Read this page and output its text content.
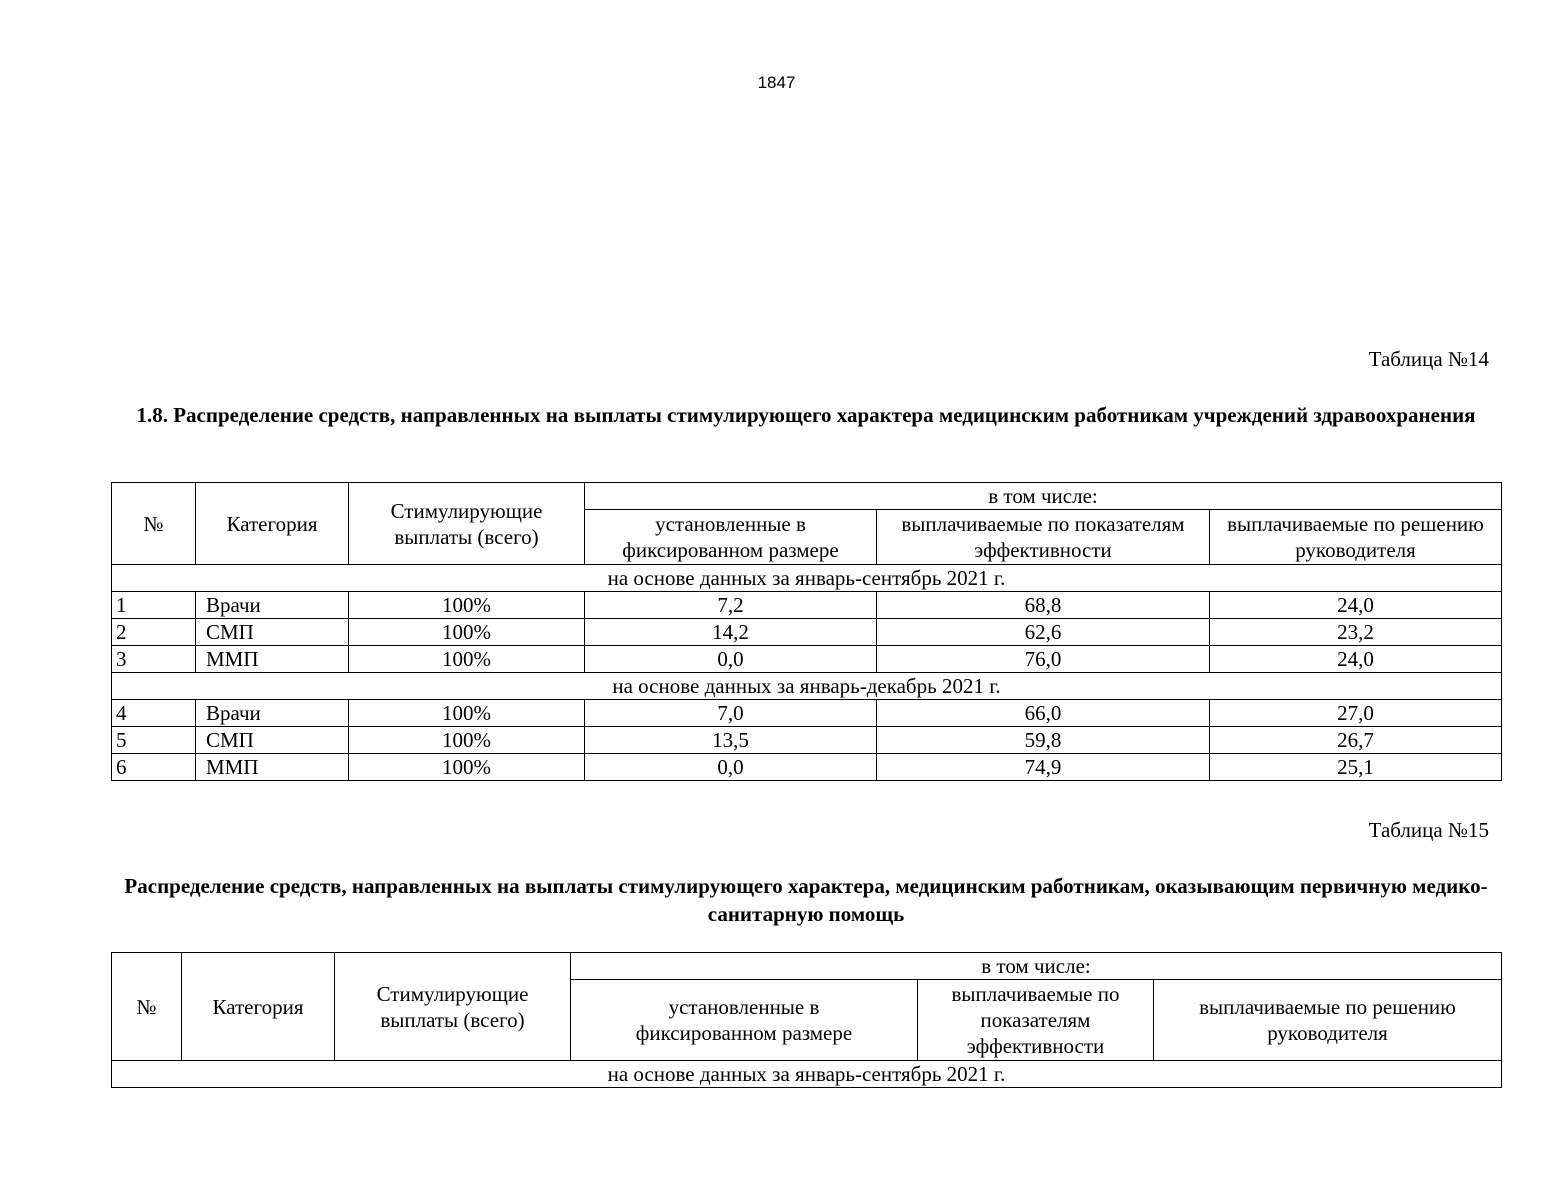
1847
Таблица №14
1.8. Распределение средств, направленных на выплаты стимулирующего характера медицинским работникам учреждений здравоохранения
№	Категория	Стимулирующие выплаты (всего)	в том числе:		
			установленные в фиксированном размере	выплачиваемые по показателям эффективности	выплачиваемые по решению руководителя
на основе данных за январь-сентябрь 2021 г.					
1	Врачи	100%	7,2	68,8	24,0
2	СМП	100%	14,2	62,6	23,2
3	ММП	100%	0,0	76,0	24,0
на основе данных за январь-декабрь 2021 г.					
4	Врачи	100%	7,0	66,0	27,0
5	СМП	100%	13,5	59,8	26,7
6	ММП	100%	0,0	74,9	25,1
Таблица №15
Распределение средств, направленных на выплаты стимулирующего характера, медицинским работникам, оказывающим первичную медико-санитарную помощь
№	Категория	Стимулирующие выплаты (всего)	в том числе:		
			установленные в фиксированном размере	выплачиваемые по показателям эффективности	выплачиваемые по решению руководителя
на основе данных за январь-сентябрь 2021 г.					
